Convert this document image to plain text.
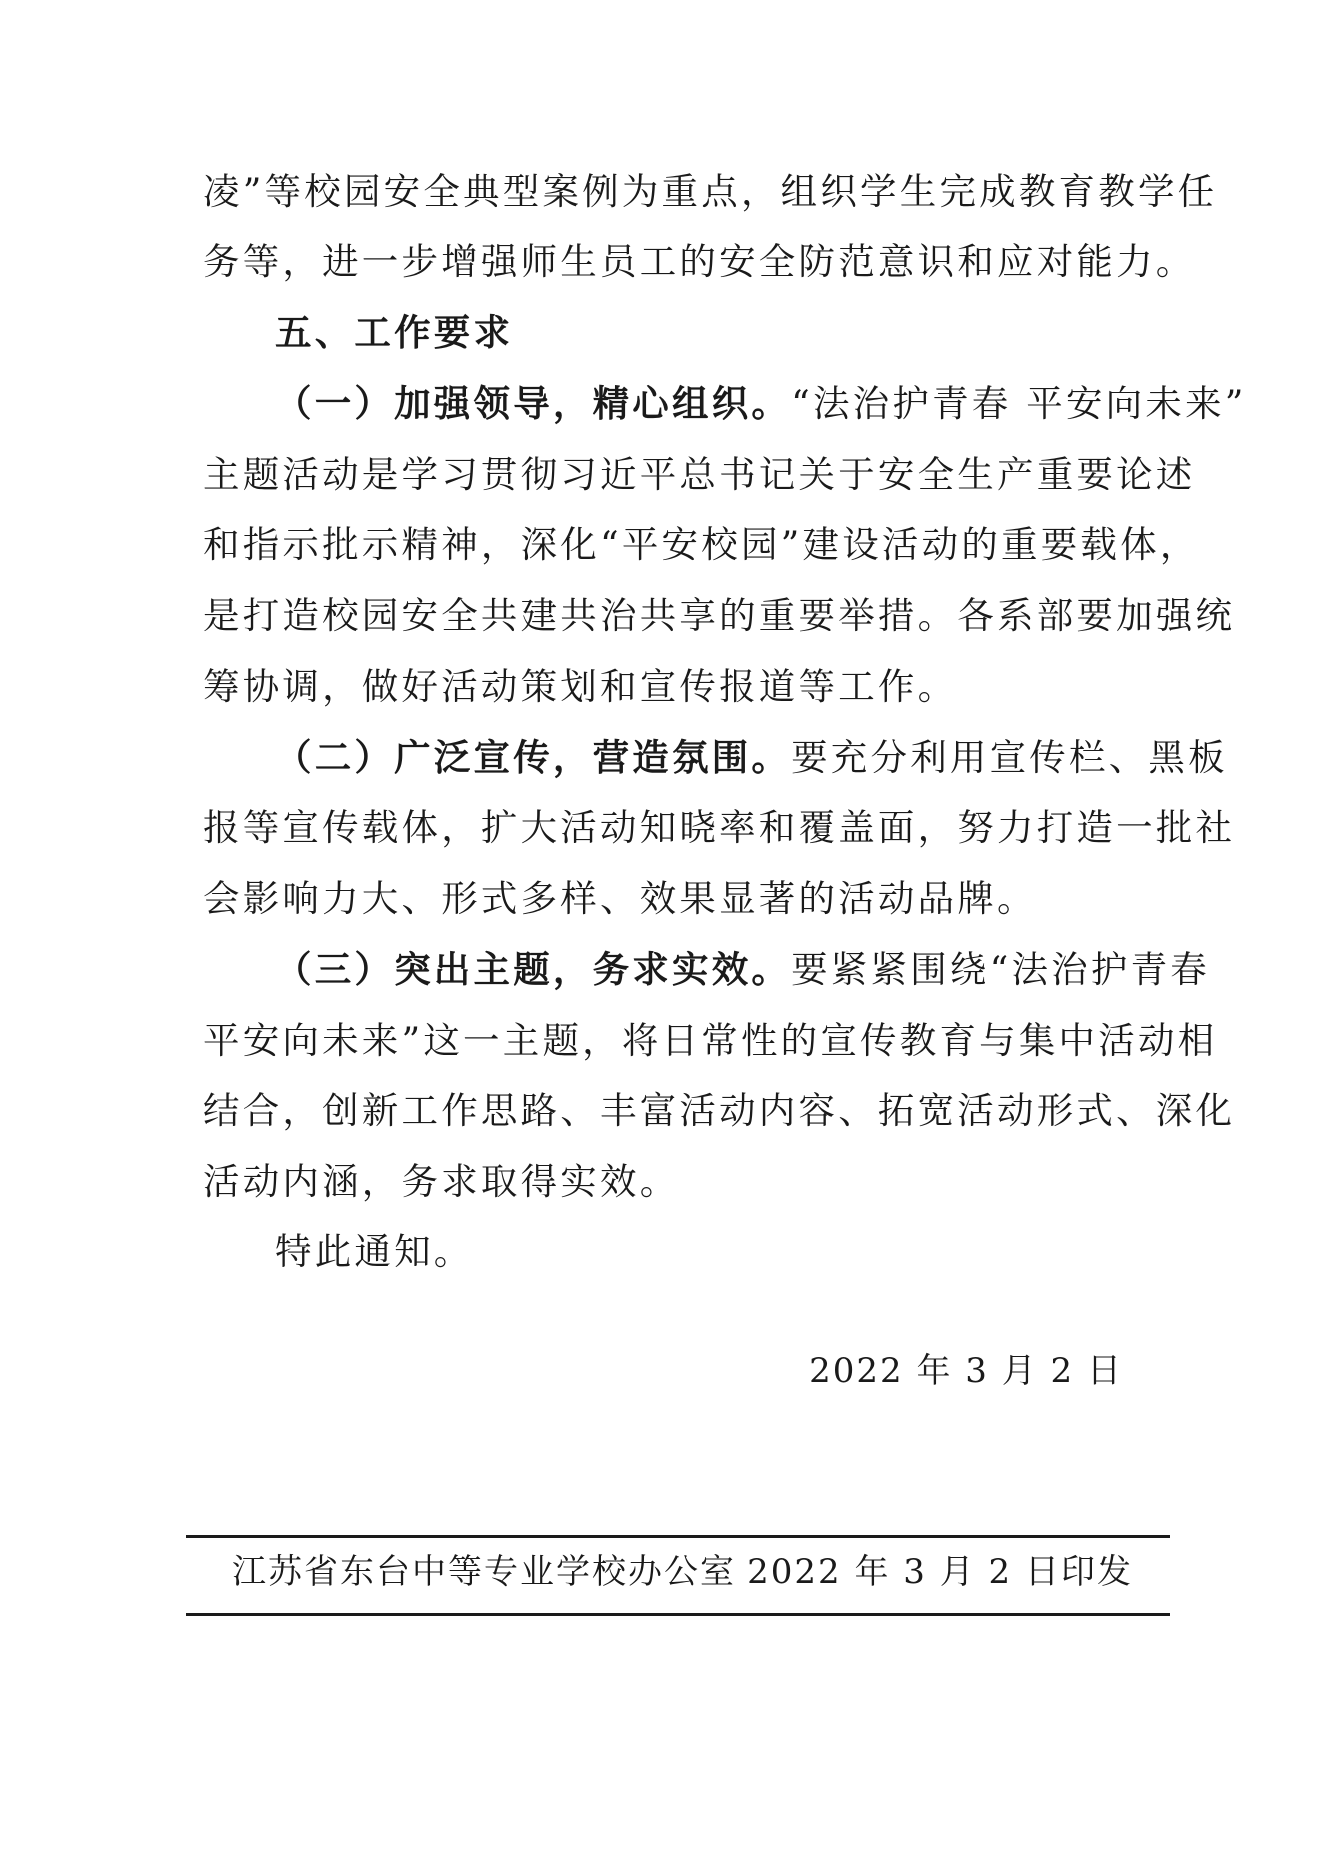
凌”等校园安全典型案例为重点，组织学生完成教育教学任
务等，进一步增强师生员工的安全防范意识和应对能力。
五、工作要求
（一）加强领导，精心组织。“法治护青春 平安向未来”
主题活动是学习贯彻习近平总书记关于安全生产重要论述
和指示批示精神，深化“平安校园”建设活动的重要载体，
是打造校园安全共建共治共享的重要举措。各系部要加强统
筹协调，做好活动策划和宣传报道等工作。
（二）广泛宣传，营造氛围。要充分利用宣传栏、黑板
报等宣传载体，扩大活动知晓率和覆盖面，努力打造一批社
会影响力大、形式多样、效果显著的活动品牌。
（三）突出主题，务求实效。要紧紧围绕“法治护青春
平安向未来”这一主题，将日常性的宣传教育与集中活动相
结合，创新工作思路、丰富活动内容、拓宽活动形式、深化
活动内涵，务求取得实效。
特此通知。
2022 年 3 月 2 日
江苏省东台中等专业学校办公室 2022 年 3 月 2 日印发
